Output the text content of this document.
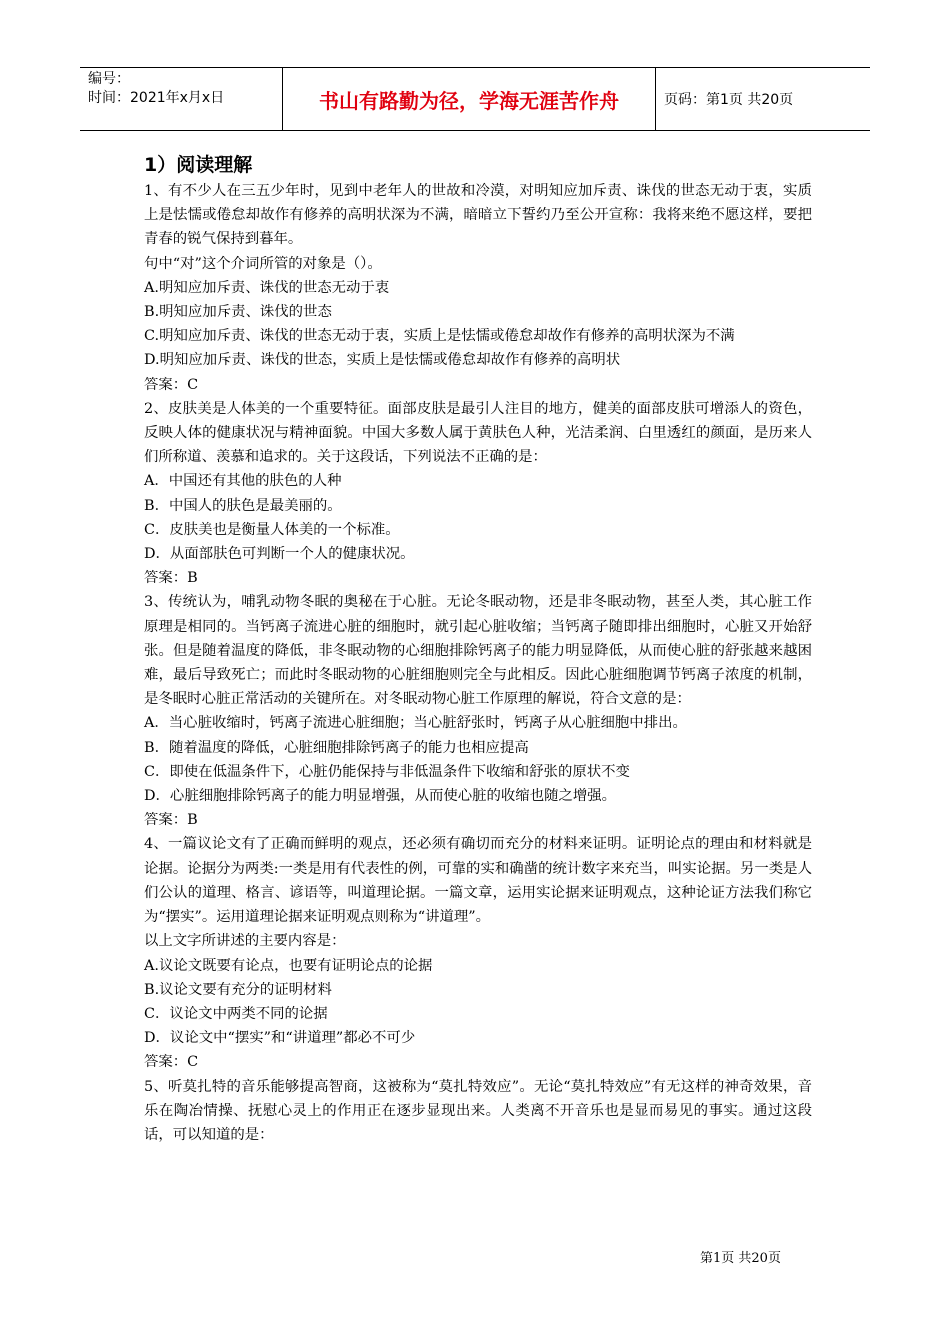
编号：
时间：2021年x月x日	书山有路勤为径，学海无涯苦作舟	页码：第1页 共20页
1）阅读理解

1、有不少人在三五少年时，见到中老年人的世故和冷漠，对明知应加斥责、诛伐的世态无动于衷，实质上是怯懦或倦怠却故作有修养的高明状深为不满，暗暗立下誓约乃至公开宣称：我将来绝不愿这样，要把青春的锐气保持到暮年。

句中“对”这个介词所管的对象是（）。

A.明知应加斥责、诛伐的世态无动于衷

B.明知应加斥责、诛伐的世态

C.明知应加斥责、诛伐的世态无动于衷，实质上是怯懦或倦怠却故作有修养的高明状深为不满

D.明知应加斥责、诛伐的世态，实质上是怯懦或倦怠却故作有修养的高明状

答案：C

2、皮肤美是人体美的一个重要特征。面部皮肤是最引人注目的地方，健美的面部皮肤可增添人的资色，反映人体的健康状况与精神面貌。中国大多数人属于黄肤色人种，光洁柔润、白里透红的颜面，是历来人们所称道、羡慕和追求的。关于这段话，下列说法不正确的是：

A．中国还有其他的肤色的人种

B．中国人的肤色是最美丽的。

C．皮肤美也是衡量人体美的一个标准。

D．从面部肤色可判断一个人的健康状况。

答案：B

3、传统认为，哺乳动物冬眠的奥秘在于心脏。无论冬眠动物，还是非冬眠动物，甚至人类，其心脏工作原理是相同的。当钙离子流进心脏的细胞时，就引起心脏收缩；当钙离子随即排出细胞时，心脏又开始舒张。但是随着温度的降低，非冬眠动物的心细胞排除钙离子的能力明显降低，从而使心脏的舒张越来越困难，最后导致死亡；而此时冬眠动物的心脏细胞则完全与此相反。因此心脏细胞调节钙离子浓度的机制，是冬眠时心脏正常活动的关键所在。对冬眠动物心脏工作原理的解说，符合文意的是：

A．当心脏收缩时，钙离子流进心脏细胞；当心脏舒张时，钙离子从心脏细胞中排出。

B．随着温度的降低，心脏细胞排除钙离子的能力也相应提高

C．即使在低温条件下，心脏仍能保持与非低温条件下收缩和舒张的原状不变

D．心脏细胞排除钙离子的能力明显增强，从而使心脏的收缩也随之增强。

答案：B

4、一篇议论文有了正确而鲜明的观点，还必须有确切而充分的材料来证明。证明论点的理由和材料就是论据。论据分为两类:一类是用有代表性的例，可靠的实和确凿的统计数字来充当，叫实论据。另一类是人们公认的道理、格言、谚语等，叫道理论据。一篇文章，运用实论据来证明观点，这种论证方法我们称它为“摆实”。运用道理论据来证明观点则称为“讲道理”。

以上文字所讲述的主要内容是：

A.议论文既要有论点，也要有证明论点的论据

B.议论文要有充分的证明材料

C．议论文中两类不同的论据

D．议论文中“摆实”和“讲道理”都必不可少

答案：C

5、听莫扎特的音乐能够提高智商，这被称为“莫扎特效应”。无论“莫扎特效应”有无这样的神奇效果，音乐在陶冶情操、抚慰心灵上的作用正在逐步显现出来。人类离不开音乐也是显而易见的事实。通过这段话，可以知道的是：

第1页 共20页
